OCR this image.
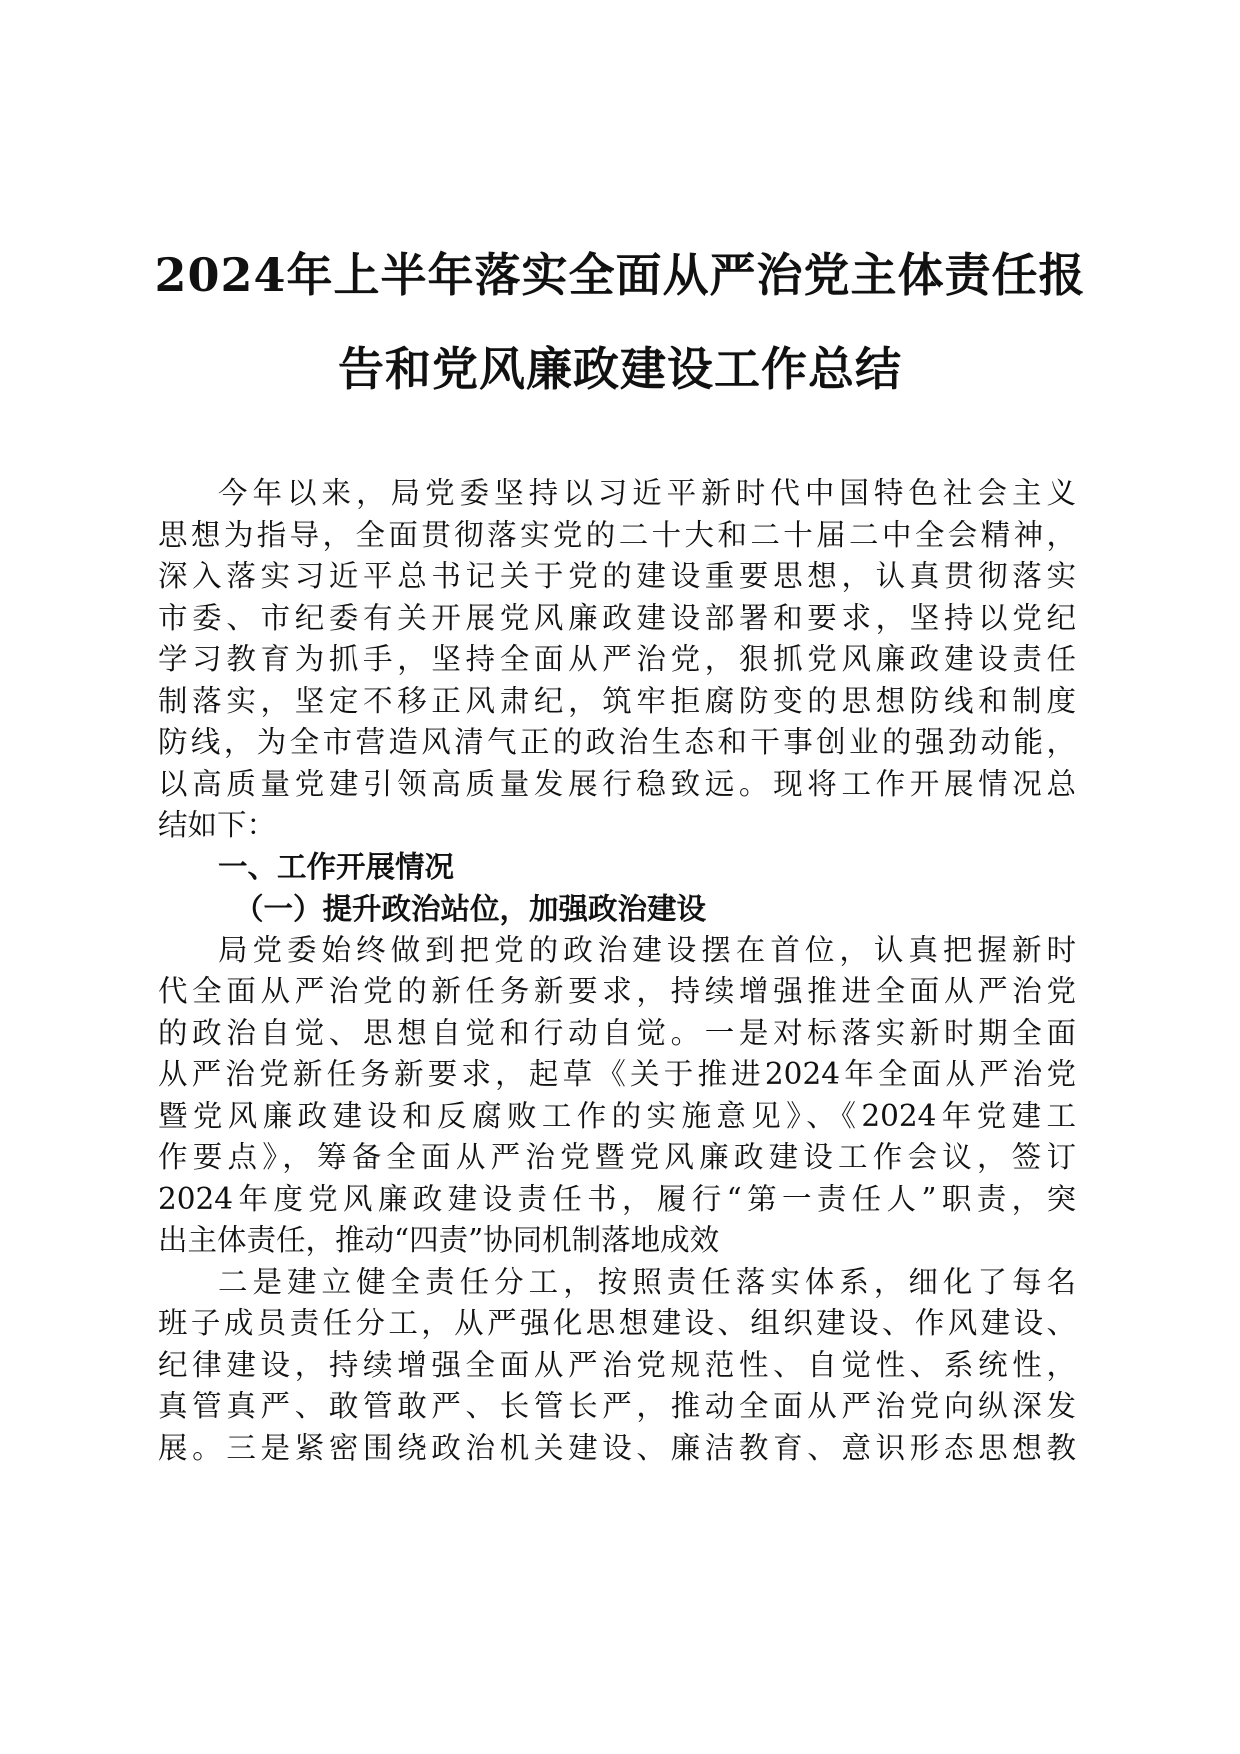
2024年上半年落实全面从严治党主体责任报
告和党风廉政建设工作总结
今年以来，局党委坚持以习近平新时代中国特色社会主义
思想为指导，全面贯彻落实党的二十大和二十届二中全会精神，
深入落实习近平总书记关于党的建设重要思想，认真贯彻落实
市委、市纪委有关开展党风廉政建设部署和要求，坚持以党纪
学习教育为抓手，坚持全面从严治党，狠抓党风廉政建设责任
制落实，坚定不移正风肃纪，筑牢拒腐防变的思想防线和制度
防线，为全市营造风清气正的政治生态和干事创业的强劲动能，
以高质量党建引领高质量发展行稳致远。现将工作开展情况总
结如下：
一、工作开展情况
（一）提升政治站位，加强政治建设
局党委始终做到把党的政治建设摆在首位，认真把握新时
代全面从严治党的新任务新要求，持续增强推进全面从严治党
的政治自觉、思想自觉和行动自觉。一是对标落实新时期全面
从严治党新任务新要求，起草《关于推进2024年全面从严治党
暨党风廉政建设和反腐败工作的实施意见》、《2024年党建工
作要点》，筹备全面从严治党暨党风廉政建设工作会议，签订
2024年度党风廉政建设责任书，履行“第一责任人”职责，突
出主体责任，推动“四责”协同机制落地成效
二是建立健全责任分工，按照责任落实体系，细化了每名
班子成员责任分工，从严强化思想建设、组织建设、作风建设、
纪律建设，持续增强全面从严治党规范性、自觉性、系统性，
真管真严、敢管敢严、长管长严，推动全面从严治党向纵深发
展。三是紧密围绕政治机关建设、廉洁教育、意识形态思想教
